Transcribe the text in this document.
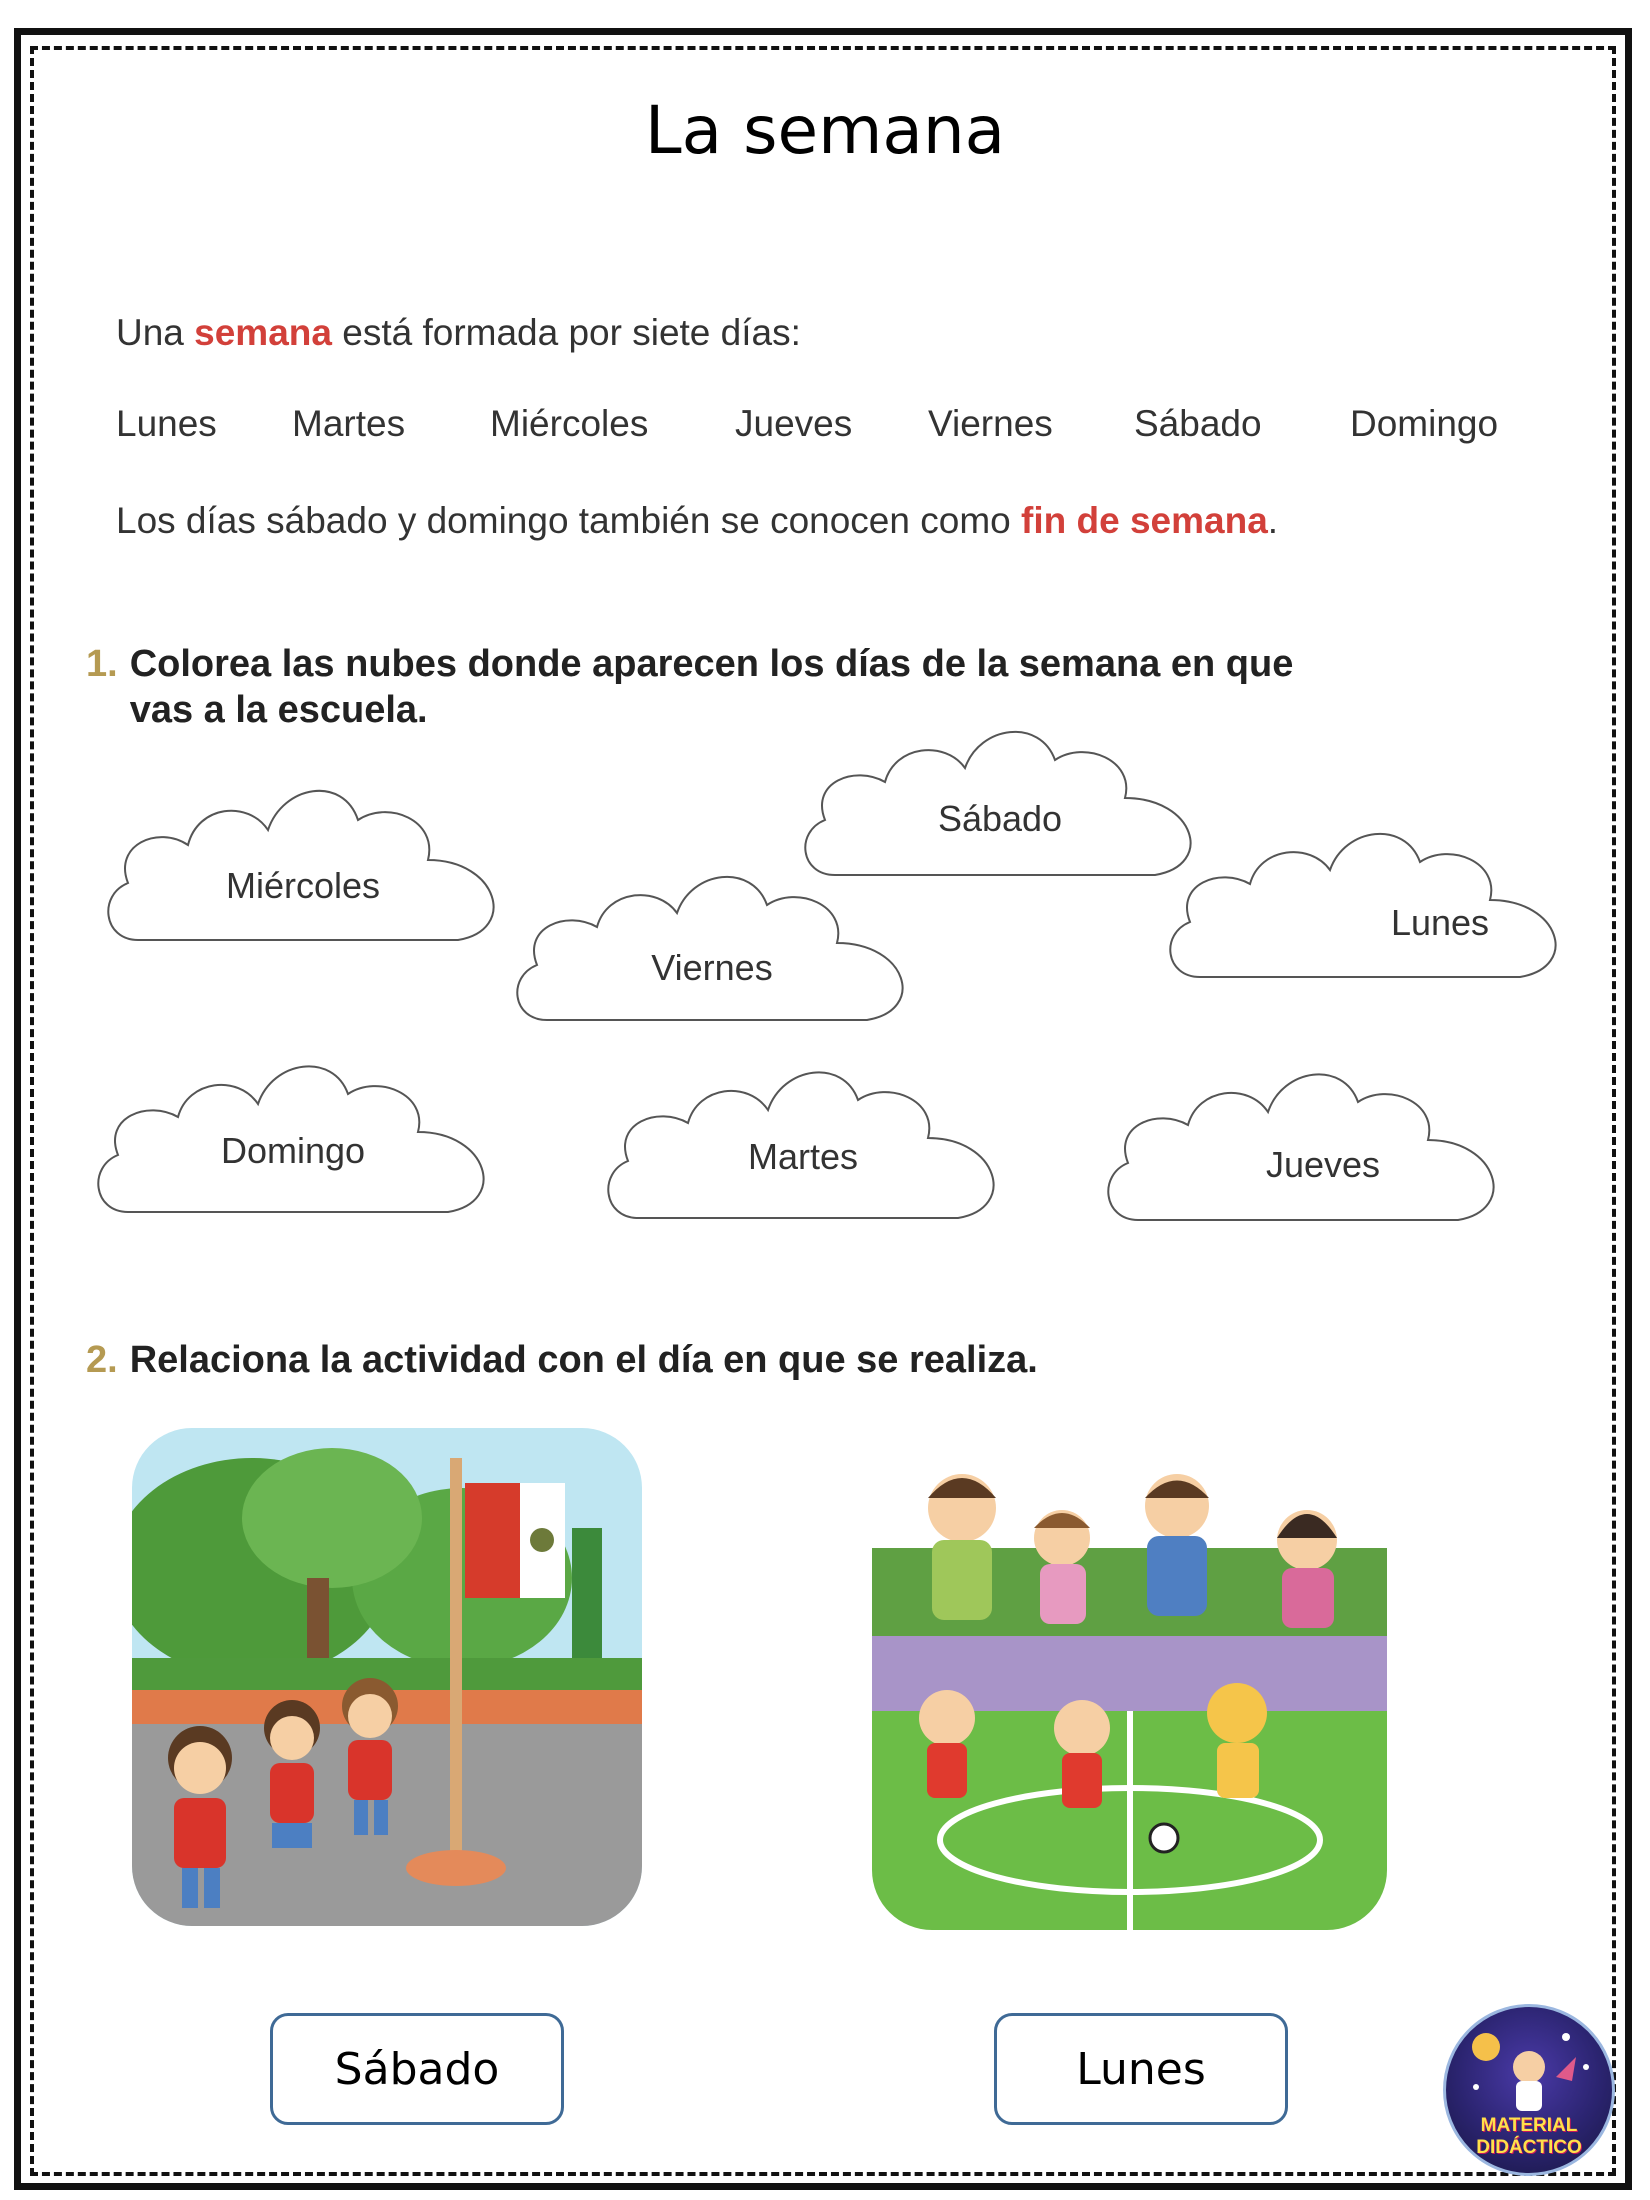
La semana
Una semana está formada por siete días:
Lunes Martes Miércoles Jueves Viernes Sábado Domingo
Los días sábado y domingo también se conocen como fin de semana.
1. Colorea las nubes donde aparecen los días de la semana en que
vas a la escuela.
Miércoles
Sábado
Viernes
Lunes
Domingo	Martes	Jueves
2. Relaciona la actividad con el día en que se realiza.
Sábado	Lunes
MATERIAL
DIDÁCTICO
